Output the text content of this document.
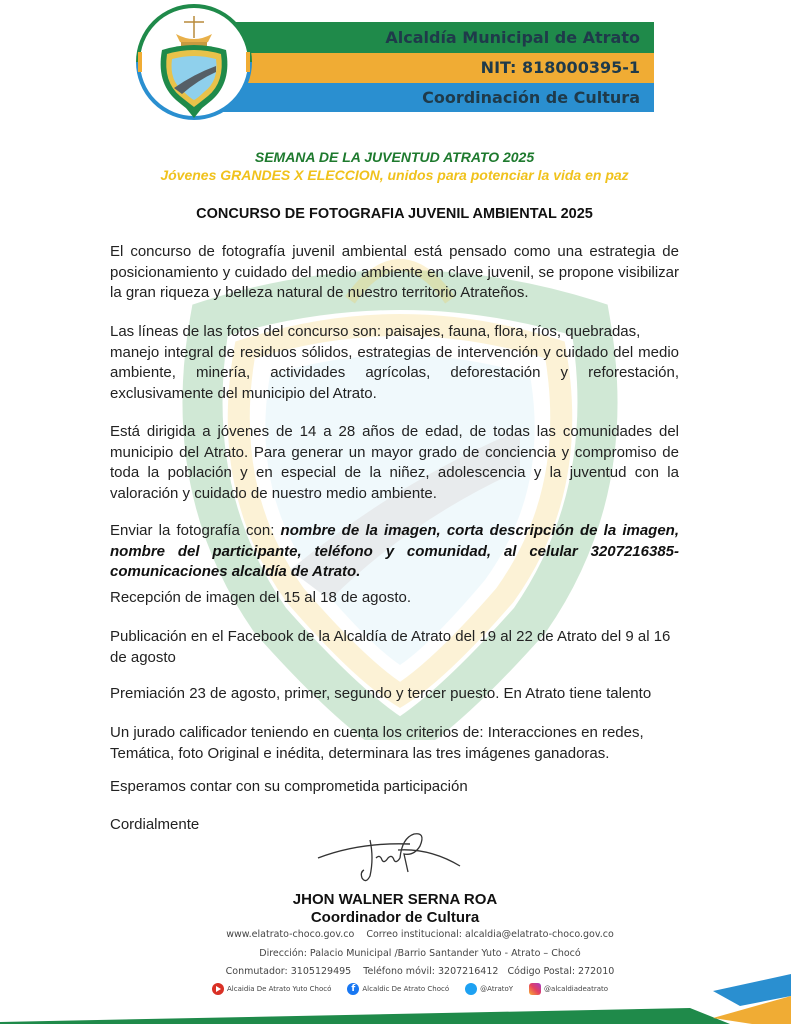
Alcaldía Municipal de Atrato
NIT: 818000395-1
Coordinación de Cultura
SEMANA DE LA JUVENTUD ATRATO 2025
Jóvenes GRANDES X ELECCION, unidos para potenciar la vida en paz
CONCURSO DE FOTOGRAFIA JUVENIL AMBIENTAL 2025
El concurso de fotografía juvenil ambiental está pensado como una estrategia de posicionamiento y cuidado del medio ambiente en clave juvenil, se propone visibilizar la gran riqueza y belleza natural de nuestro territorio Atrateños.
Las líneas de las fotos del concurso son: paisajes, fauna, flora, ríos, quebradas,
manejo integral de residuos sólidos, estrategias de intervención y cuidado del medio ambiente, minería, actividades agrícolas, deforestación y reforestación, exclusivamente del municipio del Atrato.
Está dirigida a jóvenes de 14 a 28 años de edad, de todas las comunidades del municipio del Atrato. Para generar un mayor grado de conciencia y compromiso de toda la población y en especial de la niñez, adolescencia y la juventud con la valoración y cuidado de nuestro medio ambiente.
Enviar la fotografía con: nombre de la imagen, corta descripción de la imagen, nombre del participante, teléfono y comunidad, al celular 3207216385-comunicaciones alcaldía de Atrato.
Recepción de imagen del 15 al 18 de agosto.
Publicación en el Facebook de la Alcaldía de Atrato del 19 al 22 de Atrato del 9 al 16 de agosto
Premiación 23 de agosto, primer, segundo y tercer puesto. En Atrato tiene talento
Un jurado calificador teniendo en cuenta los criterios de: Interacciones en redes, Temática, foto Original e inédita, determinara las tres imágenes ganadoras.
Esperamos contar con su comprometida participación
Cordialmente
JHON WALNER SERNA ROA
Coordinador de Cultura
www.elatrato-choco.gov.co    Correo institucional: alcaldia@elatrato-choco.gov.co
Dirección: Palacio Municipal /Barrio Santander Yuto - Atrato – Chocó
Conmutador: 3105129495    Teléfono móvil: 3207216412   Código Postal: 272010
Alcaidia De Atrato Yuto Chocó	f	Alcaldic De Atrato Chocó	@AtratoY	@alcaldiadeatrato
